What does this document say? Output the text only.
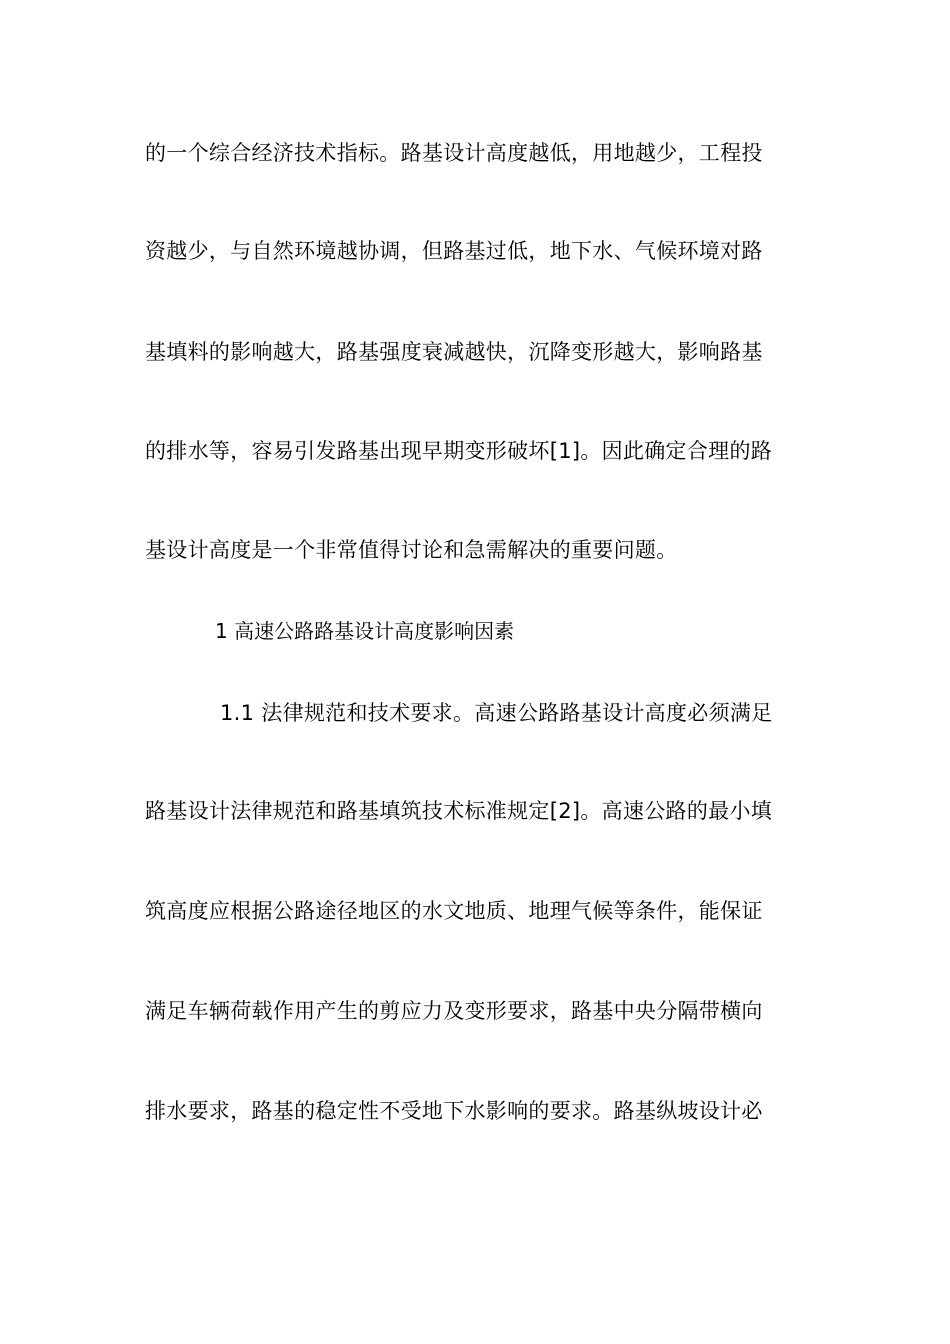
的一个综合经济技术指标。路基设计高度越低，用地越少，工程投
资越少，与自然环境越协调，但路基过低，地下水、气候环境对路
基填料的影响越大，路基强度衰减越快，沉降变形越大，影响路基
的排水等，容易引发路基出现早期变形破坏[1]。因此确定合理的路
基设计高度是一个非常值得讨论和急需解决的重要问题。
1 高速公路路基设计高度影响因素
1.1 法律规范和技术要求。高速公路路基设计高度必须满足
路基设计法律规范和路基填筑技术标准规定[2]。高速公路的最小填
筑高度应根据公路途径地区的水文地质、地理气候等条件，能保证
满足车辆荷载作用产生的剪应力及变形要求，路基中央分隔带横向
排水要求，路基的稳定性不受地下水影响的要求。路基纵坡设计必
